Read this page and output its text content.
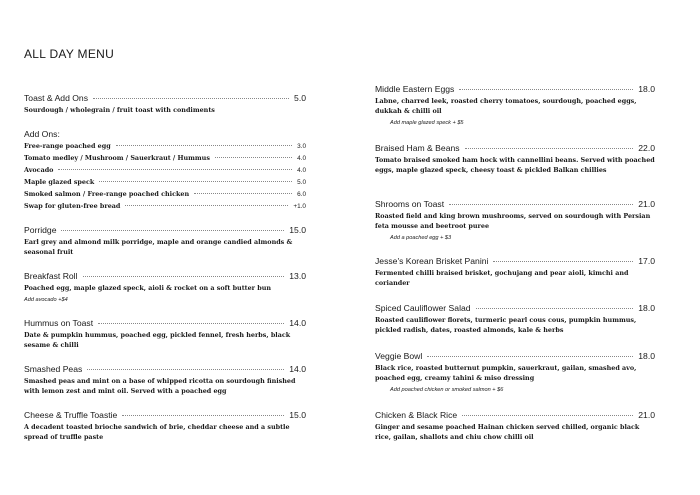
ALL DAY MENU
Toast & Add Ons	5.0
Sourdough / wholegrain / fruit toast with condiments
Add Ons:
Free-range poached egg	3.0
Tomato medley / Mushroom / Sauerkraut / Hummus	4.0
Avocado	4.0
Maple glazed speck	5.0
Smoked salmon / Free-range poached chicken	6.0
Swap for gluten-free bread	+1.0
Porridge	15.0
Earl grey and almond milk porridge, maple and orange candied almonds & seasonal fruit
Breakfast Roll	13.0
Poached egg, maple glazed speck, aioli & rocket on a soft butter bun
Add avocado +$4
Hummus on Toast	14.0
Date & pumpkin hummus, poached egg, pickled fennel, fresh herbs, black sesame & chilli
Smashed Peas	14.0
Smashed peas and mint on a base of whipped ricotta on sourdough finished with lemon zest and mint oil. Served with a poached egg
Cheese & Truffle Toastie	15.0
A decadent toasted brioche sandwich of brie, cheddar cheese and a subtle spread of truffle paste
Middle Eastern Eggs	18.0
Labne, charred leek, roasted cherry tomatoes, sourdough, poached eggs, dukkah & chilli oil
Add maple glazed speck + $5
Braised Ham & Beans	22.0
Tomato braised smoked ham hock with cannellini beans. Served with poached eggs, maple glazed speck, cheesy toast & pickled Balkan chillies
Shrooms on Toast	21.0
Roasted field and king brown mushrooms, served on sourdough with Persian feta mousse and beetroot puree
Add a poached egg + $3
Jesse's Korean Brisket Panini	17.0
Fermented chilli braised brisket, gochujang and pear aioli, kimchi and coriander
Spiced Cauliflower Salad	18.0
Roasted cauliflower florets, turmeric pearl cous cous, pumpkin hummus, pickled radish, dates, roasted almonds, kale & herbs
Veggie Bowl	18.0
Black rice, roasted butternut pumpkin, sauerkraut, gailan, smashed avo, poached egg, creamy tahini & miso dressing
Add poached chicken or smoked salmon + $6
Chicken & Black Rice	21.0
Ginger and sesame poached Hainan chicken served chilled, organic black rice, gailan, shallots and chiu chow chilli oil
